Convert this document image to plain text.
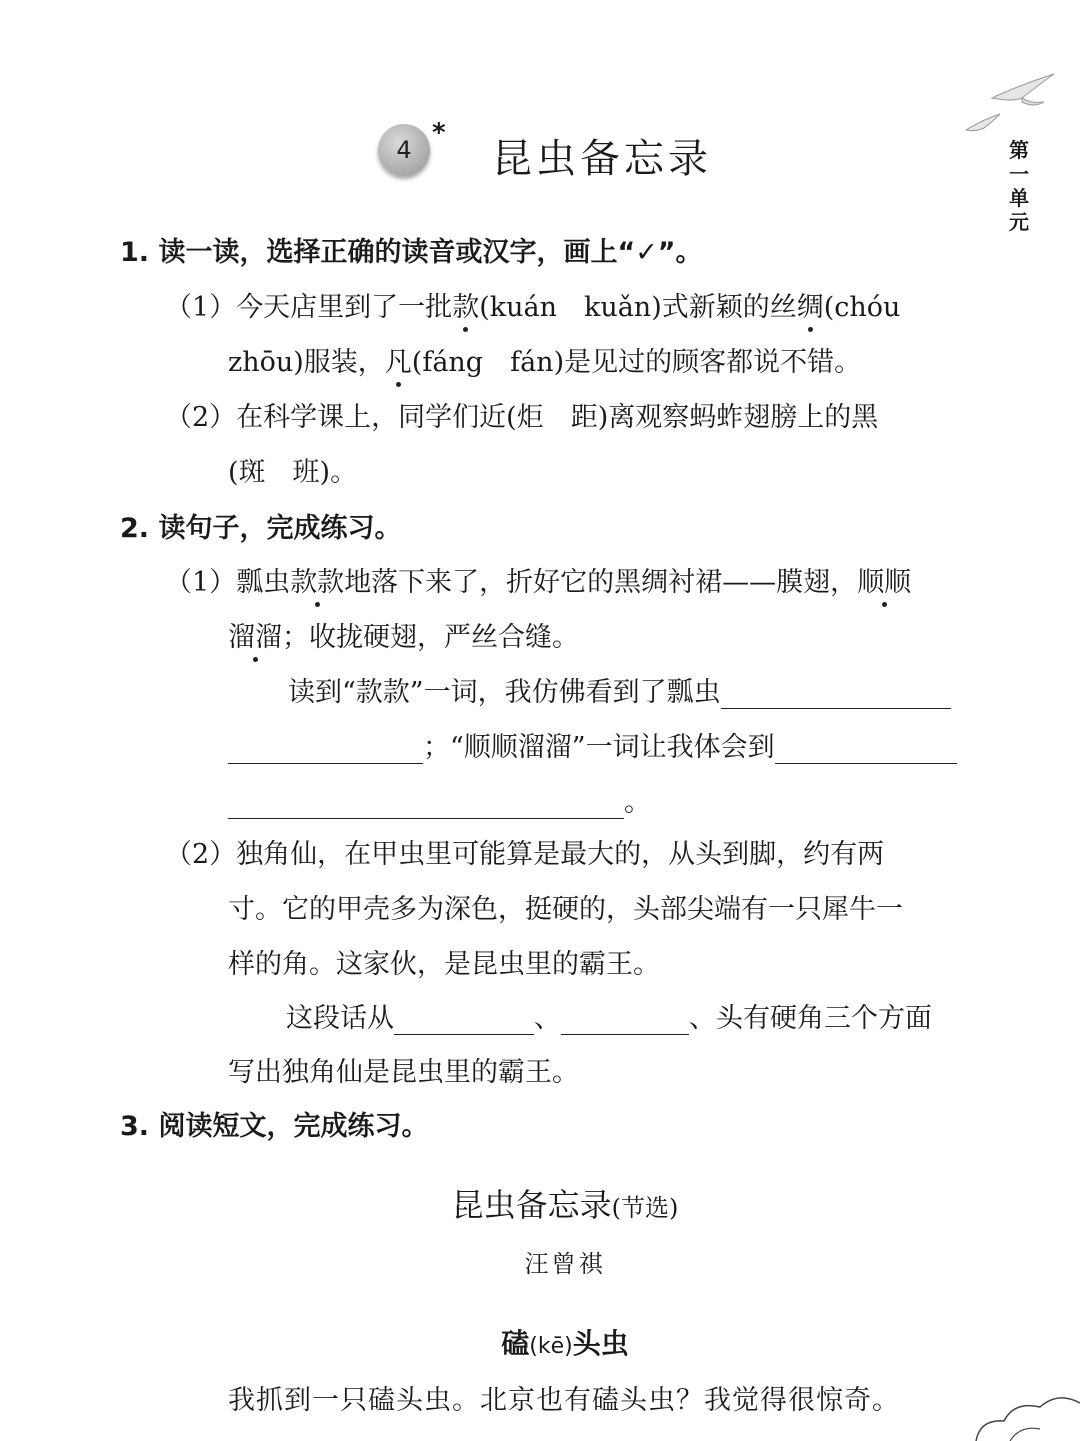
4
*
昆虫备忘录	第
一
单
元
1. 读一读，选择正确的读音或汉字，画上“✓”。
（1）今天店里到了一批款(kuán　kuǎn)式新颖的丝绸(chóu
zhōu)服装，凡(fáng　fán)是见过的顾客都说不错。
（2）在科学课上，同学们近(炬　距)离观察蚂蚱翅膀上的黑
(斑　班)。
2. 读句子，完成练习。
（1）瓢虫款款地落下来了，折好它的黑绸衬裙——膜翅，顺顺
溜溜；收拢硬翅，严丝合缝。
读到“款款”一词，我仿佛看到了瓢虫
；“顺顺溜溜”一词让我体会到
。
（2）独角仙，在甲虫里可能算是最大的，从头到脚，约有两
寸。它的甲壳多为深色，挺硬的，头部尖端有一只犀牛一
样的角。这家伙，是昆虫里的霸王。
这段话从	、	、头有硬角三个方面
写出独角仙是昆虫里的霸王。
3. 阅读短文，完成练习。
昆虫备忘录(节选)
汪曾祺
磕(kē)头虫
我抓到一只磕头虫。北京也有磕头虫？我觉得很惊奇。
